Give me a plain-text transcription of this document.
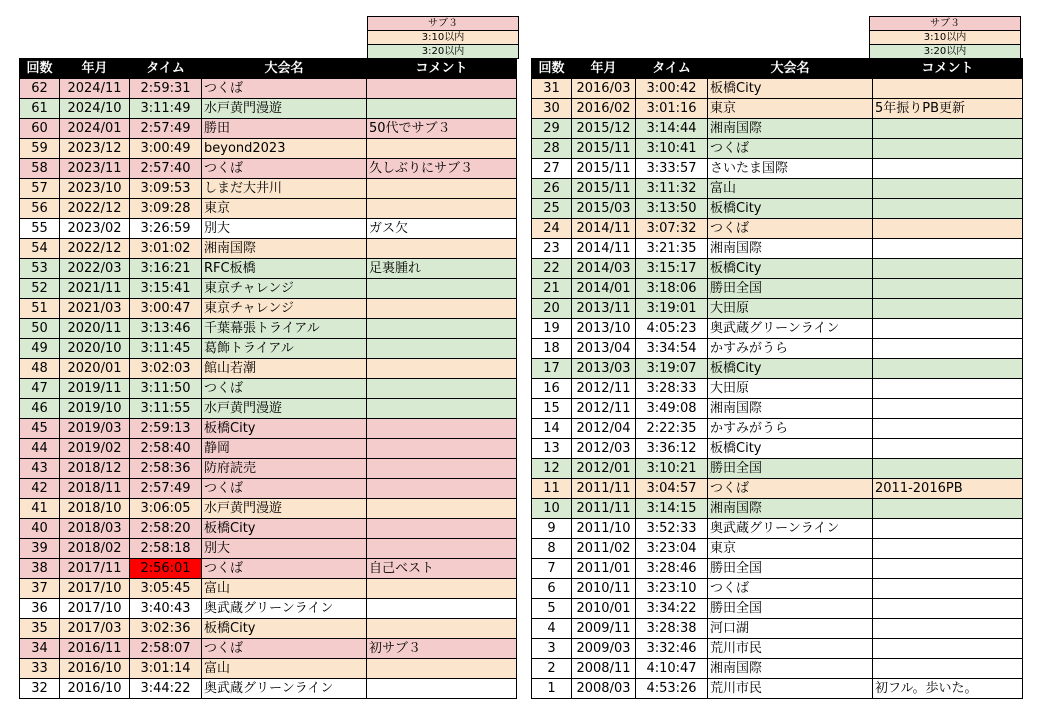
サブ３
3:10以内
3:20以内
サブ３
3:10以内
3:20以内
回数	年月	タイム	大会名	コメント
62	2024/11	2:59:31	つくば	
61	2024/10	3:11:49	水戸黄門漫遊	
60	2024/01	2:57:49	勝田	50代でサブ３
59	2023/12	3:00:49	beyond2023	
58	2023/11	2:57:40	つくば	久しぶりにサブ３
57	2023/10	3:09:53	しまだ大井川	
56	2022/12	3:09:28	東京	
55	2023/02	3:26:59	別大	ガス欠
54	2022/12	3:01:02	湘南国際	
53	2022/03	3:16:21	RFC板橋	足裏腫れ
52	2021/11	3:15:41	東京チャレンジ	
51	2021/03	3:00:47	東京チャレンジ	
50	2020/11	3:13:46	千葉幕張トライアル	
49	2020/10	3:11:45	葛飾トライアル	
48	2020/01	3:02:03	館山若潮	
47	2019/11	3:11:50	つくば	
46	2019/10	3:11:55	水戸黄門漫遊	
45	2019/03	2:59:13	板橋City	
44	2019/02	2:58:40	静岡	
43	2018/12	2:58:36	防府読売	
42	2018/11	2:57:49	つくば	
41	2018/10	3:06:05	水戸黄門漫遊	
40	2018/03	2:58:20	板橋City	
39	2018/02	2:58:18	別大	
38	2017/11	2:56:01	つくば	自己ベスト
37	2017/10	3:05:45	富山	
36	2017/10	3:40:43	奥武蔵グリーンライン	
35	2017/03	3:02:36	板橋City	
34	2016/11	2:58:07	つくば	初サブ３
33	2016/10	3:01:14	富山	
32	2016/10	3:44:22	奥武蔵グリーンライン	
回数	年月	タイム	大会名	コメント
31	2016/03	3:00:42	板橋City	
30	2016/02	3:01:16	東京	5年振りPB更新
29	2015/12	3:14:44	湘南国際	
28	2015/11	3:10:41	つくば	
27	2015/11	3:33:57	さいたま国際	
26	2015/11	3:11:32	富山	
25	2015/03	3:13:50	板橋City	
24	2014/11	3:07:32	つくば	
23	2014/11	3:21:35	湘南国際	
22	2014/03	3:15:17	板橋City	
21	2014/01	3:18:06	勝田全国	
20	2013/11	3:19:01	大田原	
19	2013/10	4:05:23	奥武蔵グリーンライン	
18	2013/04	3:34:54	かすみがうら	
17	2013/03	3:19:07	板橋City	
16	2012/11	3:28:33	大田原	
15	2012/11	3:49:08	湘南国際	
14	2012/04	2:22:35	かすみがうら	
13	2012/03	3:36:12	板橋City	
12	2012/01	3:10:21	勝田全国	
11	2011/11	3:04:57	つくば	2011-2016PB
10	2011/11	3:14:15	湘南国際	
9	2011/10	3:52:33	奥武蔵グリーンライン	
8	2011/02	3:23:04	東京	
7	2011/01	3:28:46	勝田全国	
6	2010/11	3:23:10	つくば	
5	2010/01	3:34:22	勝田全国	
4	2009/11	3:28:38	河口湖	
3	2009/03	3:32:46	荒川市民	
2	2008/11	4:10:47	湘南国際	
1	2008/03	4:53:26	荒川市民	初フル。歩いた。
